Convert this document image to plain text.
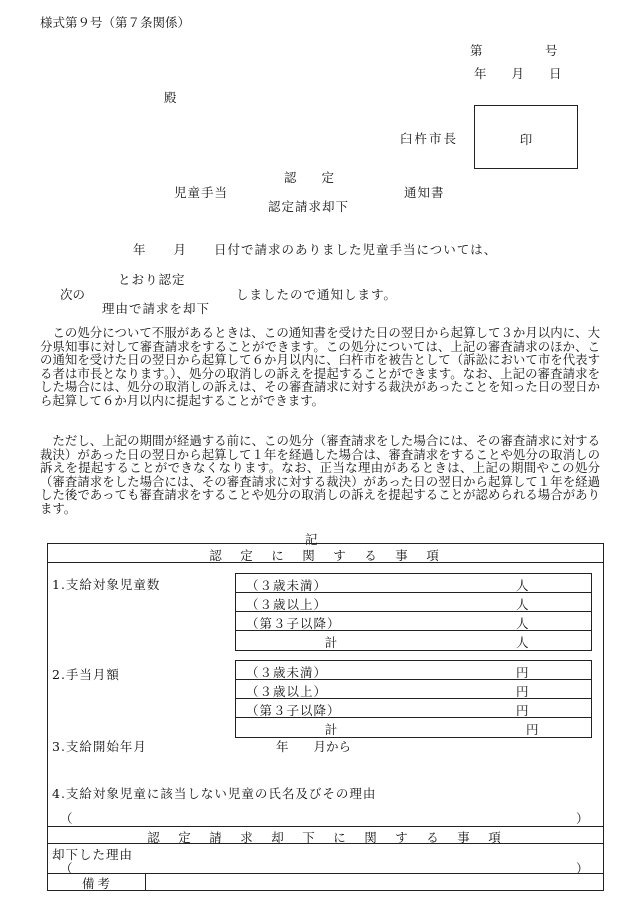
様式第９号（第７条関係）
第　　　　　号
年　　月　　日
殿
臼杵市長	印
認　　定
児童手当	通知書
認定請求却下
年　　月　　日付で請求のありました児童手当については、
とおり認定
次の	しましたので通知します。
理由で請求を却下
　この処分について不服があるときは、この通知書を受けた日の翌日から起算して３か月以内に、大分県知事に対して審査請求をすることができます。この処分については、上記の審査請求のほか、この通知を受けた日の翌日から起算して６か月以内に、臼杵市を被告として（訴訟において市を代表する者は市長となります。）、処分の取消しの訴えを提起することができます。なお、上記の審査請求をした場合には、処分の取消しの訴えは、その審査請求に対する裁決があったことを知った日の翌日から起算して６か月以内に提起することができます。
　ただし、上記の期間が経過する前に、この処分（審査請求をした場合には、その審査請求に対する裁決）があった日の翌日から起算して１年を経過した場合は、審査請求をすることや処分の取消しの訴えを提起することができなくなります。なお、正当な理由があるときは、上記の期間やこの処分（審査請求をした場合には、その審査請求に対する裁決）があった日の翌日から起算して１年を経過した後であっても審査請求をすることや処分の取消しの訴えを提起することが認められる場合があります。
記
認　定　に　関　す　る　事　項
1.支給対象児童数	（３歳未満）	人
（３歳以上）	人
（第３子以降）	人
計	人
2.手当月額	（３歳未満）	円
（３歳以上）	円
（第３子以降）	円
計	円
3.支給開始年月	年　　月から
4.支給対象児童に該当しない児童の氏名及びその理由
（	）
認　定　請　求　却　下　に　関　す　る　事　項
却下した理由
（	）
備考
